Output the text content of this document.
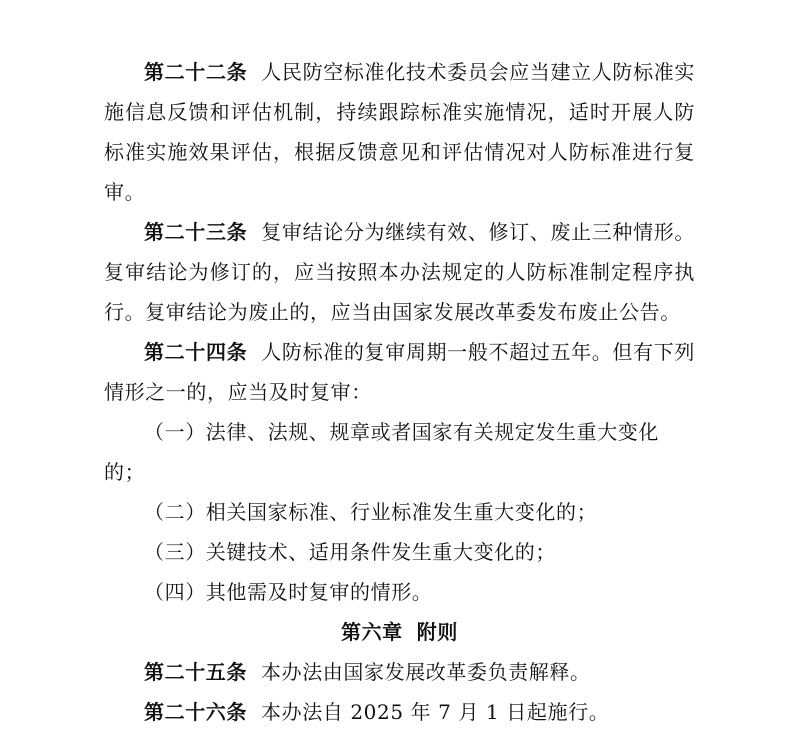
第二十二条 人民防空标准化技术委员会应当建立人防标准实施信息反馈和评估机制，持续跟踪标准实施情况，适时开展人防标准实施效果评估，根据反馈意见和评估情况对人防标准进行复审。

第二十三条 复审结论分为继续有效、修订、废止三种情形。复审结论为修订的，应当按照本办法规定的人防标准制定程序执行。复审结论为废止的，应当由国家发展改革委发布废止公告。

第二十四条 人防标准的复审周期一般不超过五年。但有下列情形之一的，应当及时复审：

（一）法律、法规、规章或者国家有关规定发生重大变化的；

（二）相关国家标准、行业标准发生重大变化的；

（三）关键技术、适用条件发生重大变化的；

（四）其他需及时复审的情形。

第六章 附则

第二十五条 本办法由国家发展改革委负责解释。

第二十六条 本办法自 2025 年 7 月 1 日起施行。
